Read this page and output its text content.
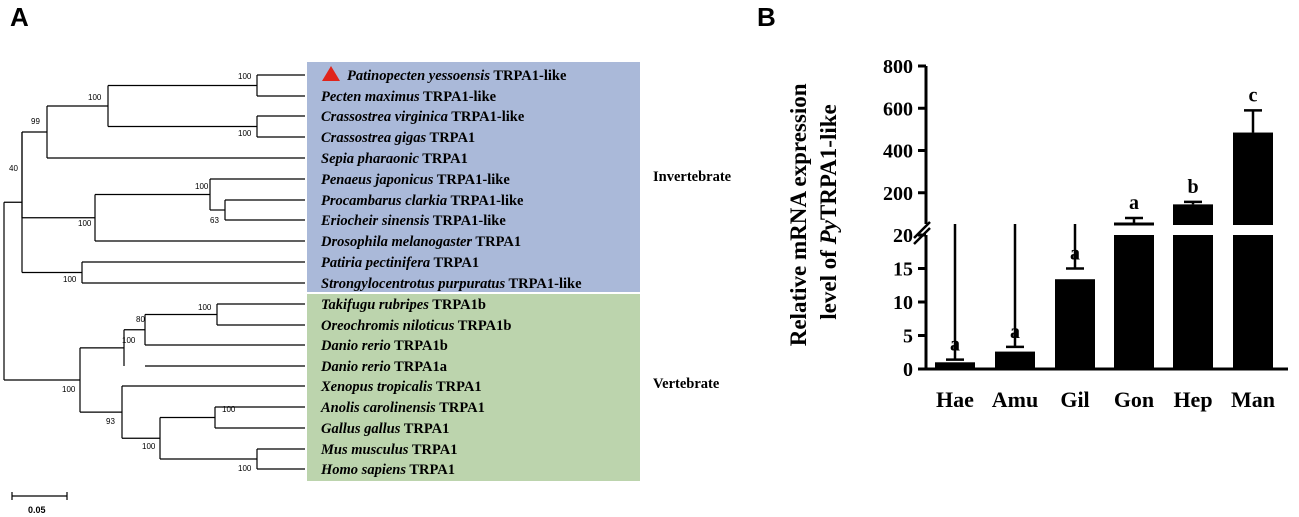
A	B
Patinopecten yessoensis TRPA1-like
Pecten maximus TRPA1-like
Crassostrea virginica TRPA1-like
Crassostrea gigas TRPA1
Sepia pharaonic TRPA1
Penaeus japonicus TRPA1-like
Procambarus clarkia TRPA1-like
Eriocheir sinensis TRPA1-like
Drosophila melanogaster TRPA1
Patiria pectinifera TRPA1
Strongylocentrotus purpuratus TRPA1-like
Takifugu rubripes TRPA1b
Oreochromis niloticus TRPA1b
Danio rerio TRPA1b
Danio rerio TRPA1a
Xenopus tropicalis TRPA1
Anolis carolinensis TRPA1
Gallus gallus TRPA1
Mus musculus TRPA1
Homo sapiens TRPA1
100
100
100
99
40
100
63
100
100
100
80
100
100
100
93
100
100
Invertebrate
Vertebrate
0.05
Relative mRNA expression level of PyTRPA1-like
0
5
10
15
20
200
400
600
800
a
Hae
a
Amu
a
Gil
a
Gon
b
Hep
c
Man
